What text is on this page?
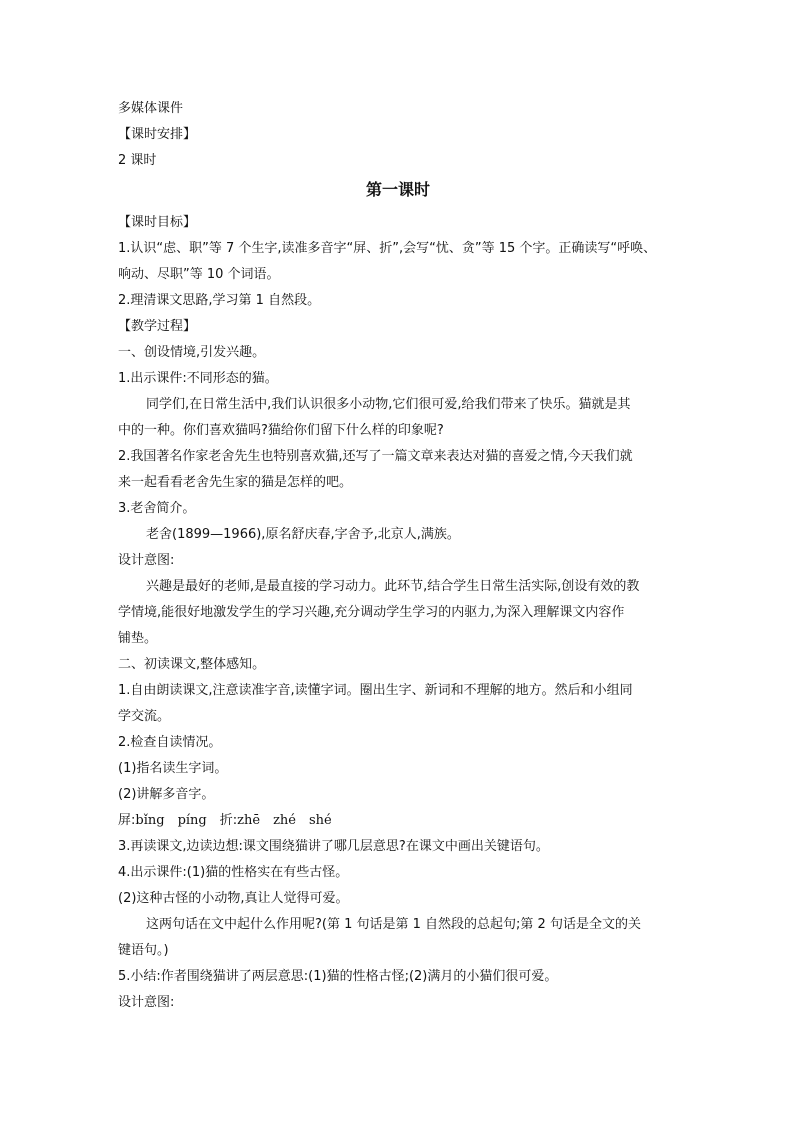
多媒体课件

【课时安排】

2 课时

第一课时

【课时目标】

1.认识“虑、职”等 7 个生字,读准多音字“屏、折”,会写“忧、贪”等 15 个字。正确读写“呼唤、

响动、尽职”等 10 个词语。

2.理清课文思路,学习第 1 自然段。

【教学过程】

一、创设情境,引发兴趣。

1.出示课件:不同形态的猫。

同学们,在日常生活中,我们认识很多小动物,它们很可爱,给我们带来了快乐。猫就是其

中的一种。你们喜欢猫吗?猫给你们留下什么样的印象呢?

2.我国著名作家老舍先生也特别喜欢猫,还写了一篇文章来表达对猫的喜爱之情,今天我们就

来一起看看老舍先生家的猫是怎样的吧。

3.老舍简介。

老舍(1899—1966),原名舒庆春,字舍予,北京人,满族。

设计意图:

兴趣是最好的老师,是最直接的学习动力。此环节,结合学生日常生活实际,创设有效的教

学情境,能很好地激发学生的学习兴趣,充分调动学生学习的内驱力,为深入理解课文内容作

铺垫。

二、初读课文,整体感知。

1.自由朗读课文,注意读准字音,读懂字词。圈出生字、新词和不理解的地方。然后和小组同

学交流。

2.检查自读情况。

(1)指名读生字词。

(2)讲解多音字。

屏:bǐng　píng　 折:zhē　zhé　shé

3.再读课文,边读边想:课文围绕猫讲了哪几层意思?在课文中画出关键语句。

4.出示课件:(1)猫的性格实在有些古怪。

(2)这种古怪的小动物,真让人觉得可爱。

这两句话在文中起什么作用呢?(第 1 句话是第 1 自然段的总起句;第 2 句话是全文的关

键语句。)

5.小结:作者围绕猫讲了两层意思:(1)猫的性格古怪;(2)满月的小猫们很可爱。

设计意图:
